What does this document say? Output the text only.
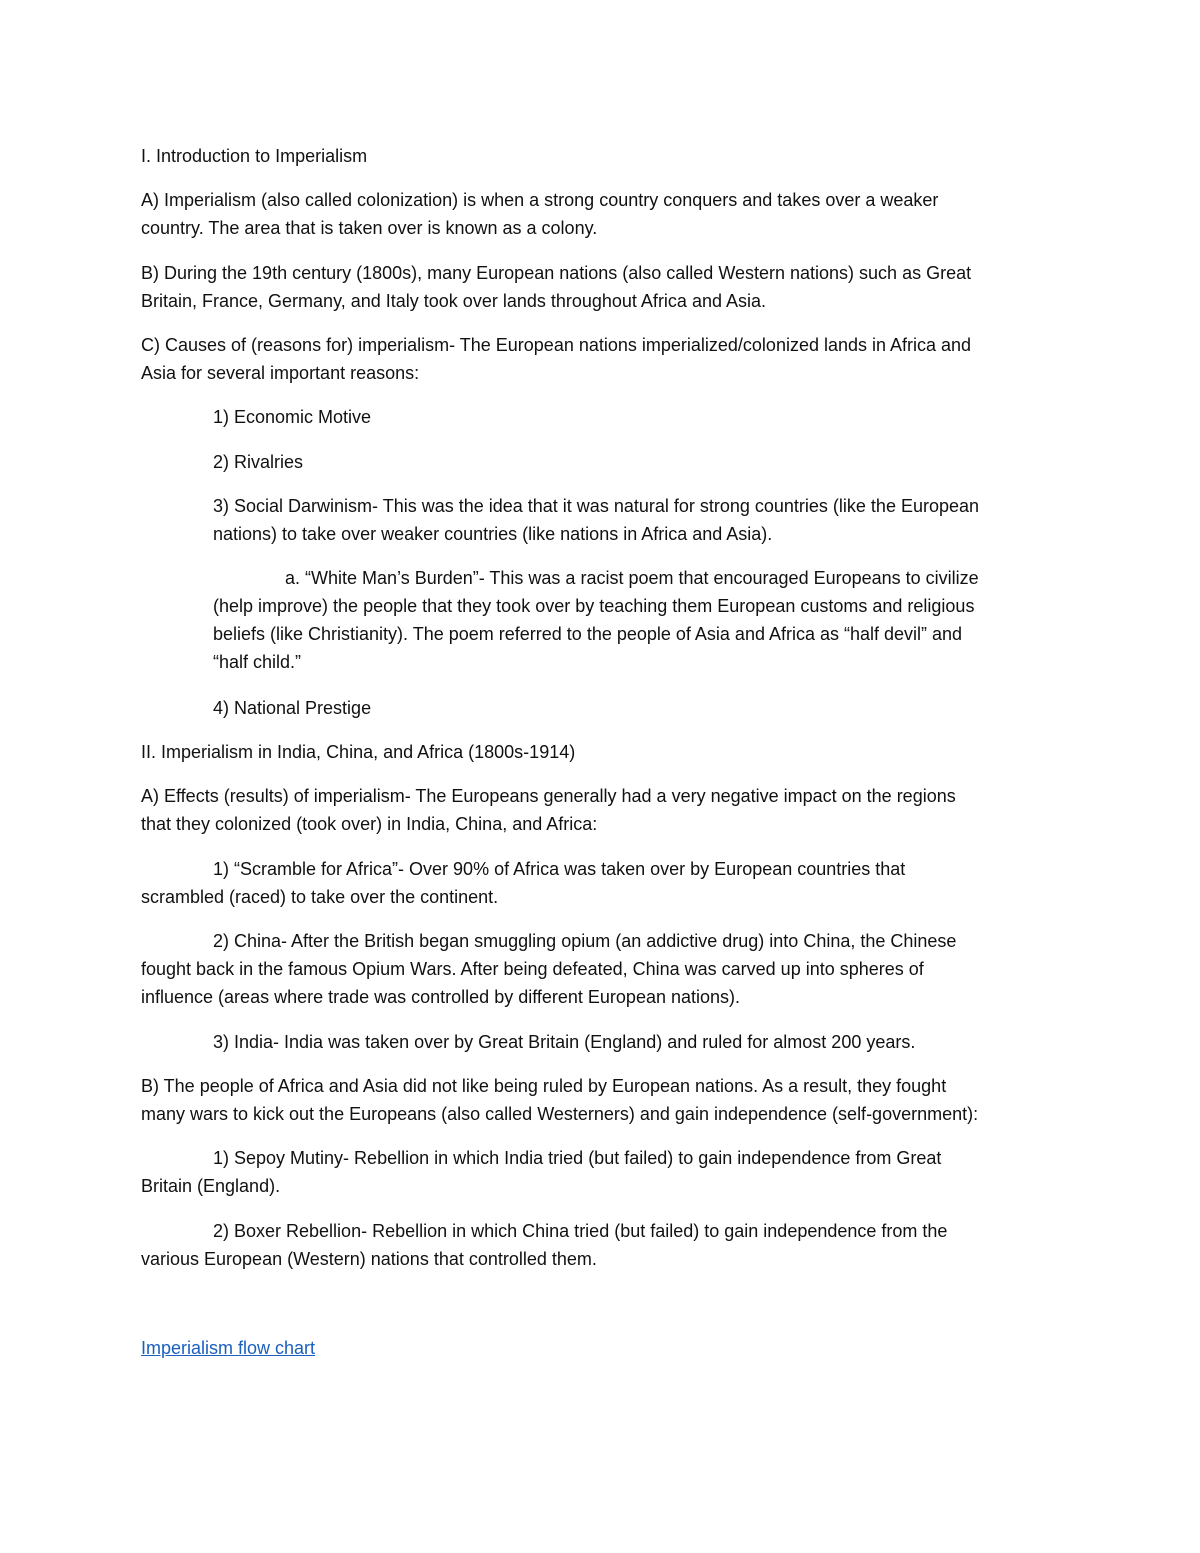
I. Introduction to Imperialism

A) Imperialism (also called colonization) is when a strong country conquers and takes over a weaker

country. The area that is taken over is known as a colony.

B) During the 19th century (1800s), many European nations (also called Western nations) such as Great

Britain, France, Germany, and Italy took over lands throughout Africa and Asia.

C) Causes of (reasons for) imperialism- The European nations imperialized/colonized lands in Africa and

Asia for several important reasons:

1) Economic Motive

2) Rivalries

3) Social Darwinism- This was the idea that it was natural for strong countries (like the European

nations) to take over weaker countries (like nations in Africa and Asia).

a. “White Man’s Burden”- This was a racist poem that encouraged Europeans to civilize

(help improve) the people that they took over by teaching them European customs and religious

beliefs (like Christianity). The poem referred to the people of Asia and Africa as “half devil” and

“half child.”

4) National Prestige

II. Imperialism in India, China, and Africa (1800s-1914)

A) Effects (results) of imperialism- The Europeans generally had a very negative impact on the regions

that they colonized (took over) in India, China, and Africa:

1) “Scramble for Africa”- Over 90% of Africa was taken over by European countries that

scrambled (raced) to take over the continent.

2) China- After the British began smuggling opium (an addictive drug) into China, the Chinese

fought back in the famous Opium Wars. After being defeated, China was carved up into spheres of

influence (areas where trade was controlled by different European nations).

3) India- India was taken over by Great Britain (England) and ruled for almost 200 years.

B) The people of Africa and Asia did not like being ruled by European nations. As a result, they fought

many wars to kick out the Europeans (also called Westerners) and gain independence (self-government):

1) Sepoy Mutiny- Rebellion in which India tried (but failed) to gain independence from Great

Britain (England).

2) Boxer Rebellion- Rebellion in which China tried (but failed) to gain independence from the

various European (Western) nations that controlled them.

Imperialism flow chart
